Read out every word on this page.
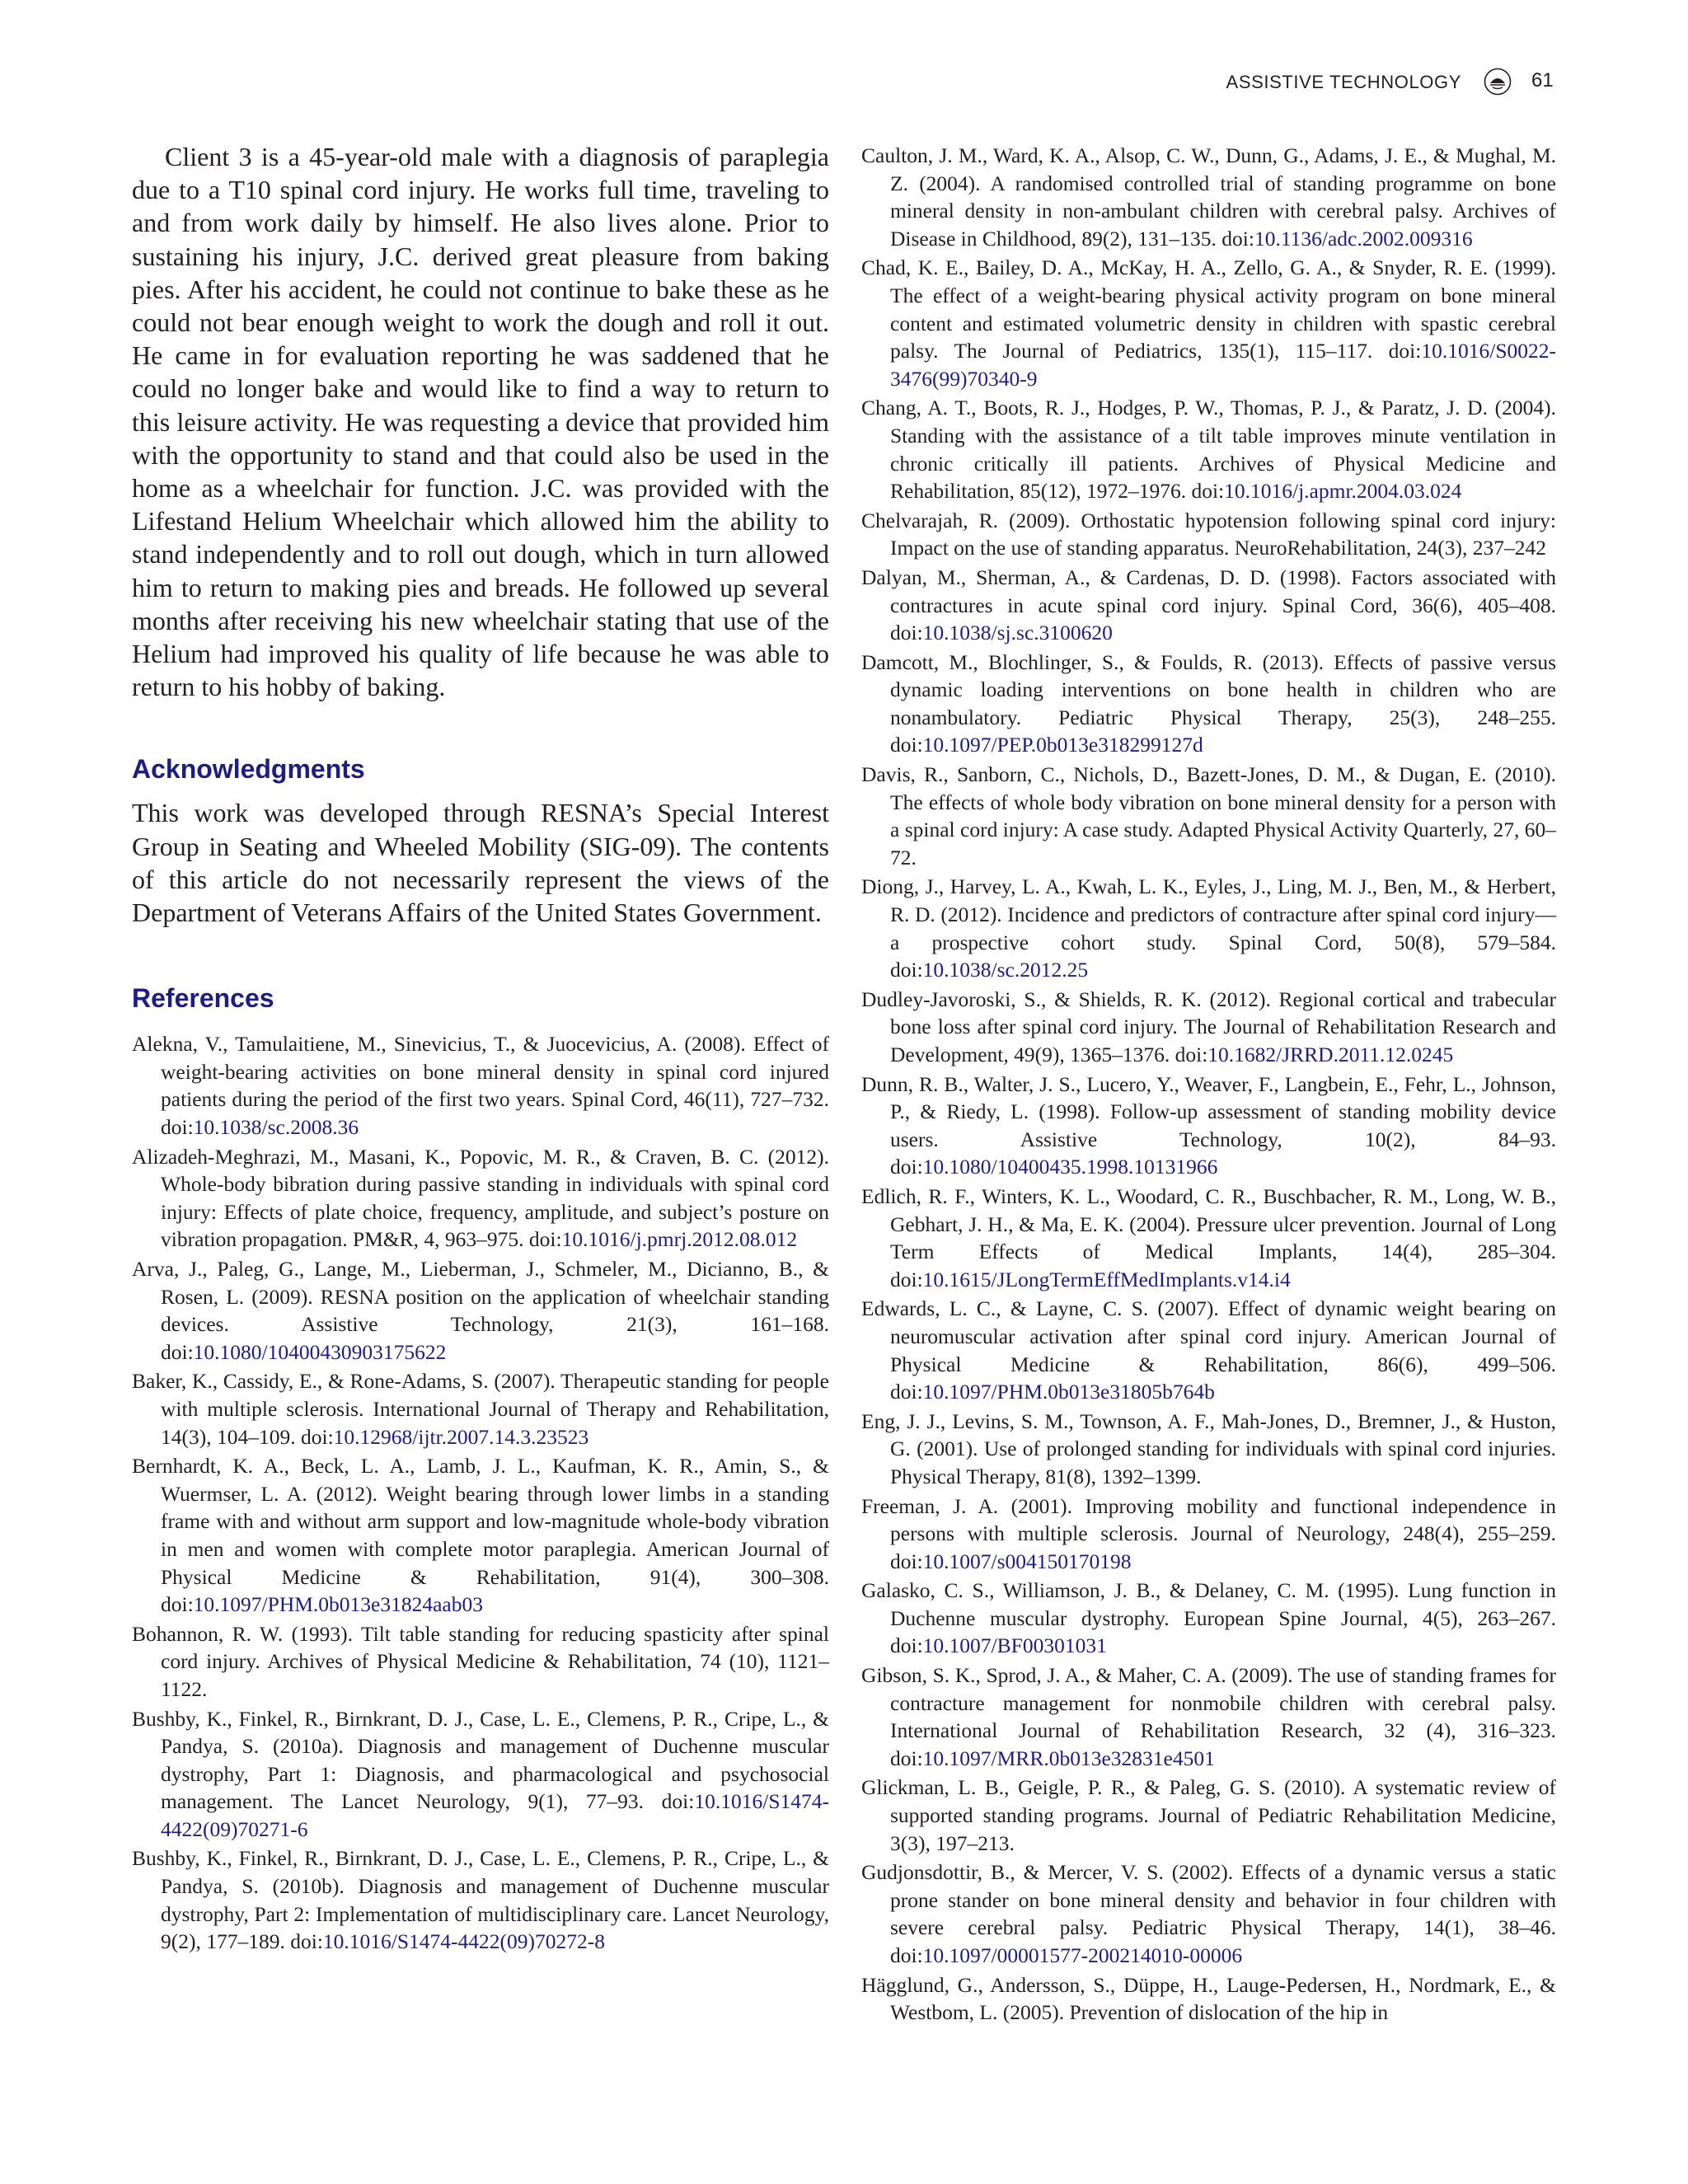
ASSISTIVE TECHNOLOGY	61

Client 3 is a 45-year-old male with a diagnosis of paraplegia due to a T10 spinal cord injury. He works full time, traveling to and from work daily by himself. He also lives alone. Prior to sustaining his injury, J.C. derived great pleasure from baking pies. After his accident, he could not continue to bake these as he could not bear enough weight to work the dough and roll it out. He came in for evaluation reporting he was saddened that he could no longer bake and would like to find a way to return to this leisure activity. He was requesting a device that provided him with the opportunity to stand and that could also be used in the home as a wheelchair for function. J.C. was provided with the Lifestand Helium Wheelchair which allowed him the ability to stand independently and to roll out dough, which in turn allowed him to return to making pies and breads. He followed up several months after receiving his new wheelchair stating that use of the Helium had improved his quality of life because he was able to return to his hobby of baking.

Acknowledgments

This work was developed through RESNA’s Special Interest Group in Seating and Wheeled Mobility (SIG-09). The contents of this article do not necessarily represent the views of the Department of Veterans Affairs of the United States Government.

References
Alekna, V., Tamulaitiene, M., Sinevicius, T., & Juocevicius, A. (2008). Effect of weight-bearing activities on bone mineral density in spinal cord injured patients during the period of the first two years. Spinal Cord, 46(11), 727–732. doi:10.1038/sc.2008.36
Alizadeh-Meghrazi, M., Masani, K., Popovic, M. R., & Craven, B. C. (2012). Whole-body bibration during passive standing in individuals with spinal cord injury: Effects of plate choice, frequency, amplitude, and subject’s posture on vibration propagation. PM&R, 4, 963–975. doi:10.1016/j.pmrj.2012.08.012
Arva, J., Paleg, G., Lange, M., Lieberman, J., Schmeler, M., Dicianno, B., & Rosen, L. (2009). RESNA position on the application of wheelchair standing devices. Assistive Technology, 21(3), 161–168. doi:10.1080/10400430903175622
Baker, K., Cassidy, E., & Rone-Adams, S. (2007). Therapeutic standing for people with multiple sclerosis. International Journal of Therapy and Rehabilitation, 14(3), 104–109. doi:10.12968/ijtr.2007.14.3.23523
Bernhardt, K. A., Beck, L. A., Lamb, J. L., Kaufman, K. R., Amin, S., & Wuermser, L. A. (2012). Weight bearing through lower limbs in a standing frame with and without arm support and low-magnitude whole-body vibration in men and women with complete motor paraplegia. American Journal of Physical Medicine & Rehabilitation, 91(4), 300–308. doi:10.1097/PHM.0b013e31824aab03
Bohannon, R. W. (1993). Tilt table standing for reducing spasticity after spinal cord injury. Archives of Physical Medicine & Rehabilitation, 74 (10), 1121–1122.
Bushby, K., Finkel, R., Birnkrant, D. J., Case, L. E., Clemens, P. R., Cripe, L., & Pandya, S. (2010a). Diagnosis and management of Duchenne muscular dystrophy, Part 1: Diagnosis, and pharmacological and psychosocial management. The Lancet Neurology, 9(1), 77–93. doi:10.1016/S1474-4422(09)70271-6
Bushby, K., Finkel, R., Birnkrant, D. J., Case, L. E., Clemens, P. R., Cripe, L., & Pandya, S. (2010b). Diagnosis and management of Duchenne muscular dystrophy, Part 2: Implementation of multidisciplinary care. Lancet Neurology, 9(2), 177–189. doi:10.1016/S1474-4422(09)70272-8
Caulton, J. M., Ward, K. A., Alsop, C. W., Dunn, G., Adams, J. E., & Mughal, M. Z. (2004). A randomised controlled trial of standing programme on bone mineral density in non-ambulant children with cerebral palsy. Archives of Disease in Childhood, 89(2), 131–135. doi:10.1136/adc.2002.009316
Chad, K. E., Bailey, D. A., McKay, H. A., Zello, G. A., & Snyder, R. E. (1999). The effect of a weight-bearing physical activity program on bone mineral content and estimated volumetric density in children with spastic cerebral palsy. The Journal of Pediatrics, 135(1), 115–117. doi:10.1016/S0022-3476(99)70340-9
Chang, A. T., Boots, R. J., Hodges, P. W., Thomas, P. J., & Paratz, J. D. (2004). Standing with the assistance of a tilt table improves minute ventilation in chronic critically ill patients. Archives of Physical Medicine and Rehabilitation, 85(12), 1972–1976. doi:10.1016/j.apmr.2004.03.024
Chelvarajah, R. (2009). Orthostatic hypotension following spinal cord injury: Impact on the use of standing apparatus. NeuroRehabilitation, 24(3), 237–242
Dalyan, M., Sherman, A., & Cardenas, D. D. (1998). Factors associated with contractures in acute spinal cord injury. Spinal Cord, 36(6), 405–408. doi:10.1038/sj.sc.3100620
Damcott, M., Blochlinger, S., & Foulds, R. (2013). Effects of passive versus dynamic loading interventions on bone health in children who are nonambulatory. Pediatric Physical Therapy, 25(3), 248–255. doi:10.1097/PEP.0b013e318299127d
Davis, R., Sanborn, C., Nichols, D., Bazett-Jones, D. M., & Dugan, E. (2010). The effects of whole body vibration on bone mineral density for a person with a spinal cord injury: A case study. Adapted Physical Activity Quarterly, 27, 60–72.
Diong, J., Harvey, L. A., Kwah, L. K., Eyles, J., Ling, M. J., Ben, M., & Herbert, R. D. (2012). Incidence and predictors of contracture after spinal cord injury—a prospective cohort study. Spinal Cord, 50(8), 579–584. doi:10.1038/sc.2012.25
Dudley-Javoroski, S., & Shields, R. K. (2012). Regional cortical and trabecular bone loss after spinal cord injury. The Journal of Rehabilitation Research and Development, 49(9), 1365–1376. doi:10.1682/JRRD.2011.12.0245
Dunn, R. B., Walter, J. S., Lucero, Y., Weaver, F., Langbein, E., Fehr, L., Johnson, P., & Riedy, L. (1998). Follow-up assessment of standing mobility device users. Assistive Technology, 10(2), 84–93. doi:10.1080/10400435.1998.10131966
Edlich, R. F., Winters, K. L., Woodard, C. R., Buschbacher, R. M., Long, W. B., Gebhart, J. H., & Ma, E. K. (2004). Pressure ulcer prevention. Journal of Long Term Effects of Medical Implants, 14(4), 285–304. doi:10.1615/JLongTermEffMedImplants.v14.i4
Edwards, L. C., & Layne, C. S. (2007). Effect of dynamic weight bearing on neuromuscular activation after spinal cord injury. American Journal of Physical Medicine & Rehabilitation, 86(6), 499–506. doi:10.1097/PHM.0b013e31805b764b
Eng, J. J., Levins, S. M., Townson, A. F., Mah-Jones, D., Bremner, J., & Huston, G. (2001). Use of prolonged standing for individuals with spinal cord injuries. Physical Therapy, 81(8), 1392–1399.
Freeman, J. A. (2001). Improving mobility and functional independence in persons with multiple sclerosis. Journal of Neurology, 248(4), 255–259. doi:10.1007/s004150170198
Galasko, C. S., Williamson, J. B., & Delaney, C. M. (1995). Lung function in Duchenne muscular dystrophy. European Spine Journal, 4(5), 263–267. doi:10.1007/BF00301031
Gibson, S. K., Sprod, J. A., & Maher, C. A. (2009). The use of standing frames for contracture management for nonmobile children with cerebral palsy. International Journal of Rehabilitation Research, 32 (4), 316–323. doi:10.1097/MRR.0b013e32831e4501
Glickman, L. B., Geigle, P. R., & Paleg, G. S. (2010). A systematic review of supported standing programs. Journal of Pediatric Rehabilitation Medicine, 3(3), 197–213.
Gudjonsdottir, B., & Mercer, V. S. (2002). Effects of a dynamic versus a static prone stander on bone mineral density and behavior in four children with severe cerebral palsy. Pediatric Physical Therapy, 14(1), 38–46. doi:10.1097/00001577-200214010-00006
Hägglund, G., Andersson, S., Düppe, H., Lauge-Pedersen, H., Nordmark, E., & Westbom, L. (2005). Prevention of dislocation of the hip in
